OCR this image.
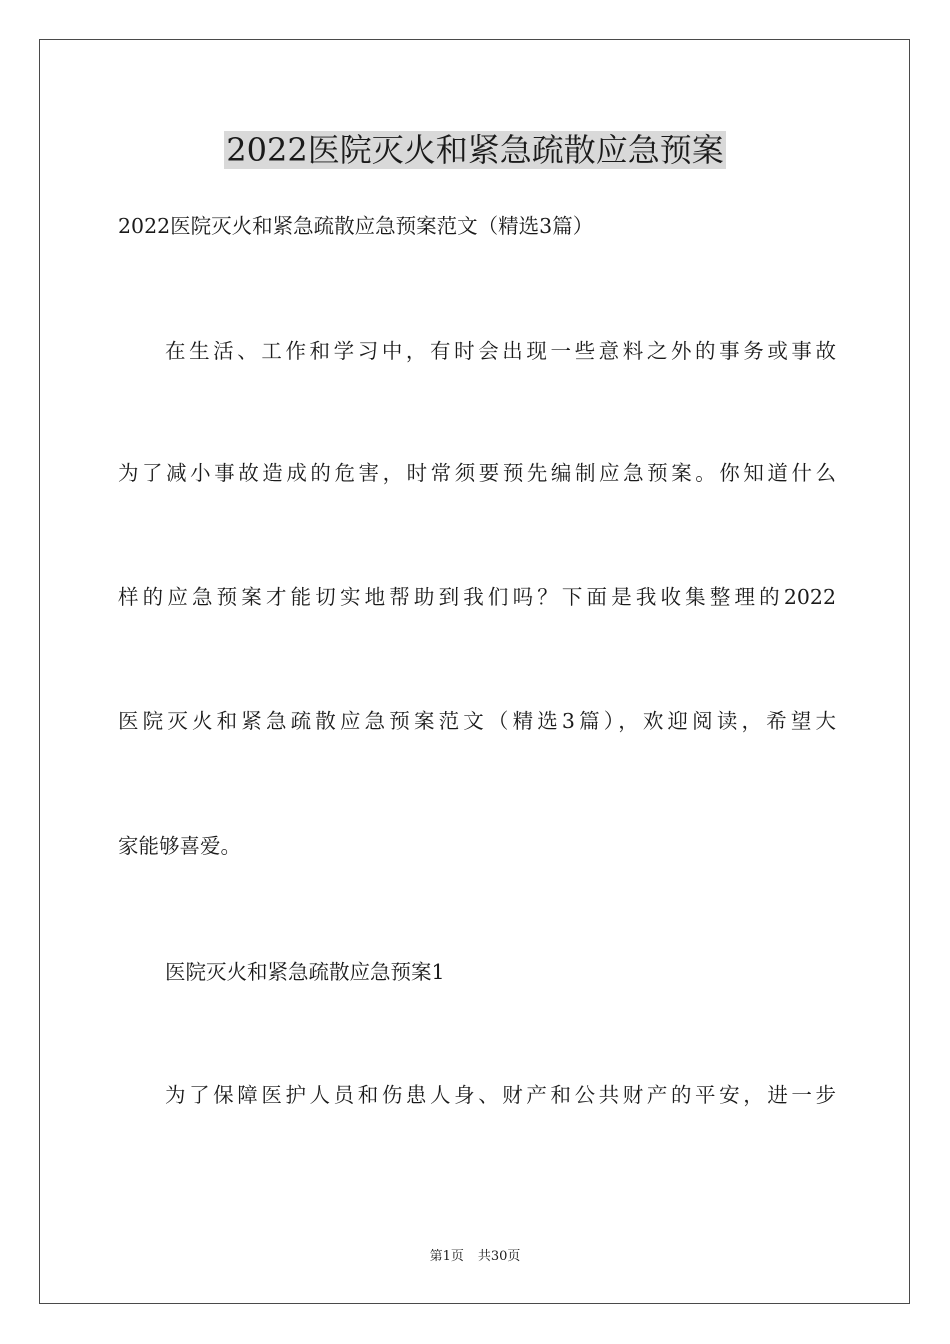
2022医院灭火和紧急疏散应急预案

2022医院灭火和紧急疏散应急预案范文（精选3篇）

在生活、工作和学习中，有时会出现一些意料之外的事务或事故

为了减小事故造成的危害，时常须要预先编制应急预案。你知道什么

样的应急预案才能切实地帮助到我们吗？下面是我收集整理的2022

医院灭火和紧急疏散应急预案范文（精选3篇），欢迎阅读，希望大

家能够喜爱。

医院灭火和紧急疏散应急预案1

为了保障医护人员和伤患人身、财产和公共财产的平安，进一步

第1页 共30页
